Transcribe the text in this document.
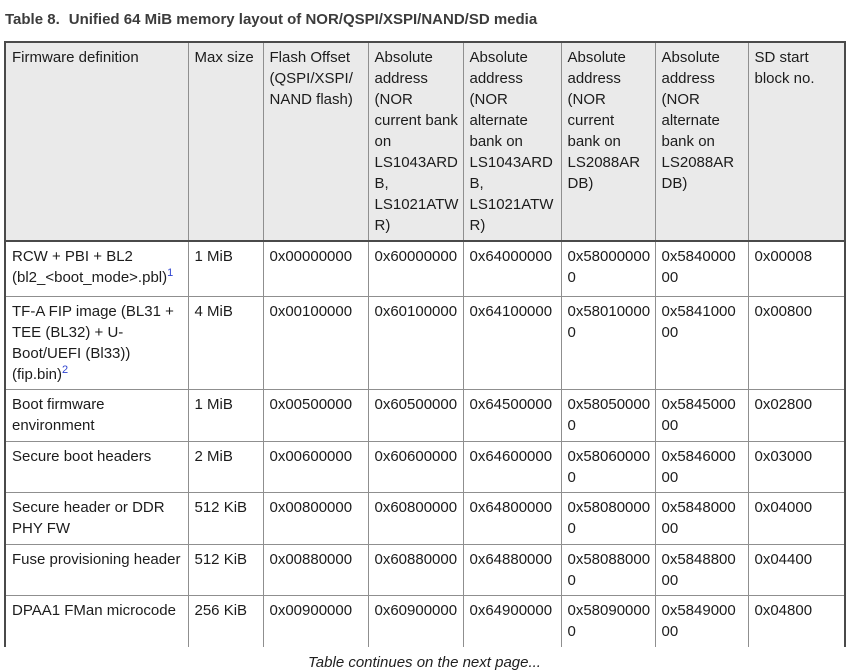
Table 8. Unified 64 MiB memory layout of NOR/QSPI/XSPI/NAND/SD media
Firmware definition	Max size	Flash Offset (QSPI/XSPI/NAND flash)	Absolute address (NOR current bank on LS1043ARDB, LS1021ATWR)	Absolute address (NOR alternate bank on LS1043ARDB, LS1021ATWR)	Absolute address (NOR current bank on LS2088ARDB)	Absolute address (NOR alternate bank on LS2088ARDB)	SD start block no.
RCW + PBI + BL2 (bl2_<boot_mode>.pbl)$^1$	1 MiB	0x00000000	0x60000000	0x64000000	0x580000000	0x584000000	0x00008
TF-A FIP image (BL31 + TEE (BL32) + U-Boot/UEFI (Bl33)) (fip.bin)$^2$	4 MiB	0x00100000	0x60100000	0x64100000	0x580100000	0x584100000	0x00800
Boot firmware environment	1 MiB	0x00500000	0x60500000	0x64500000	0x580500000	0x584500000	0x02800
Secure boot headers	2 MiB	0x00600000	0x60600000	0x64600000	0x580600000	0x584600000	0x03000
Secure header or DDR PHY FW	512 KiB	0x00800000	0x60800000	0x64800000	0x580800000	0x584800000	0x04000
Fuse provisioning header	512 KiB	0x00880000	0x60880000	0x64880000	0x580880000	0x584880000	0x04400
DPAA1 FMan microcode	256 KiB	0x00900000	0x60900000	0x64900000	0x580900000	0x584900000	0x04800
Table continues on the next page...
